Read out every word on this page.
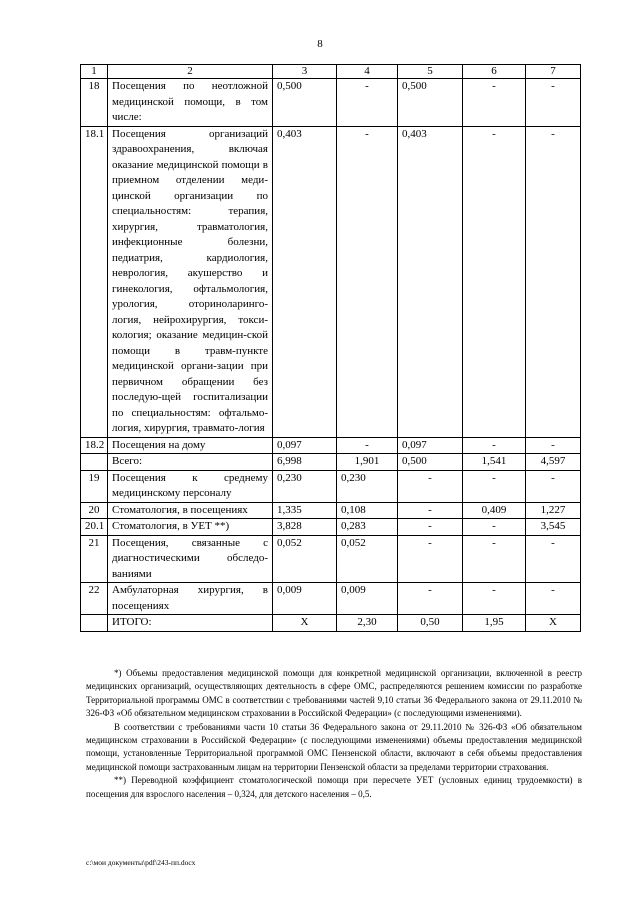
8
1	2	3	4	5	6	7
18	Посещения по неотложной медицинской помощи, в том числе:	0,500	-	0,500	-	-
18.1	Посещения организаций здравоохранения, включая оказание медицинской помощи в приемном отделении меди-цинской организации по специальностям: терапия, хирургия, травматология, инфекционные болезни, педиатрия, кардиология, неврология, акушерство и гинекология, офтальмология, урология, оториноларинго-логия, нейрохирургия, токси-кология; оказание медицин-ской помощи в травм-пункте медицинской органи-зации при первичном обращении без последую-щей госпитализации по специальностям: офтальмо-логия, хирургия, травмато-логия	0,403	-	0,403	-	-
18.2	Посещения на дому	0,097	-	0,097	-	-
	Всего:	6,998	1,901	0,500	1,541	4,597
19	Посещения к среднему медицинскому персоналу	0,230	0,230	-	-	-
20	Стоматология, в посещениях	1,335	0,108	-	0,409	1,227
20.1	Стоматология, в УЕТ **)	3,828	0,283	-	-	3,545
21	Посещения, связанные с диагностическими обследо-ваниями	0,052	0,052	-	-	-
22	Амбулаторная хирургия, в посещениях	0,009	0,009	-	-	-
	ИТОГО:	X	2,30	0,50	1,95	X

*) Объемы предоставления медицинской помощи для конкретной медицинской организации, включенной в реестр медицинских организаций, осуществляющих деятельность в сфере ОМС, распределяются решением комиссии по разработке Территориальной программы ОМС в соответствии с требованиями частей 9,10 статьи 36 Федерального закона от 29.11.2010 № 326-ФЗ «Об обязательном медицинском страховании в Российской Федерации» (с последующими изменениями).

В соответствии с требованиями части 10 статьи 36 Федерального закона от 29.11.2010 № 326-ФЗ «Об обязательном медицинском страховании в Российской Федерации» (с последующими изменениями) объемы предоставления медицинской помощи, установленные Территориальной программой ОМС Пензенской области, включают в себя объемы предоставления медицинской помощи застрахованным лицам на территории Пензенской области за пределами территории страхования.

**) Переводной коэффициент стоматологической помощи при пересчете УЕТ (условных единиц трудоемкости) в посещения для взрослого населения – 0,324, для детского населения – 0,5.

c:\мои документы\pdf\243-пп.docx
